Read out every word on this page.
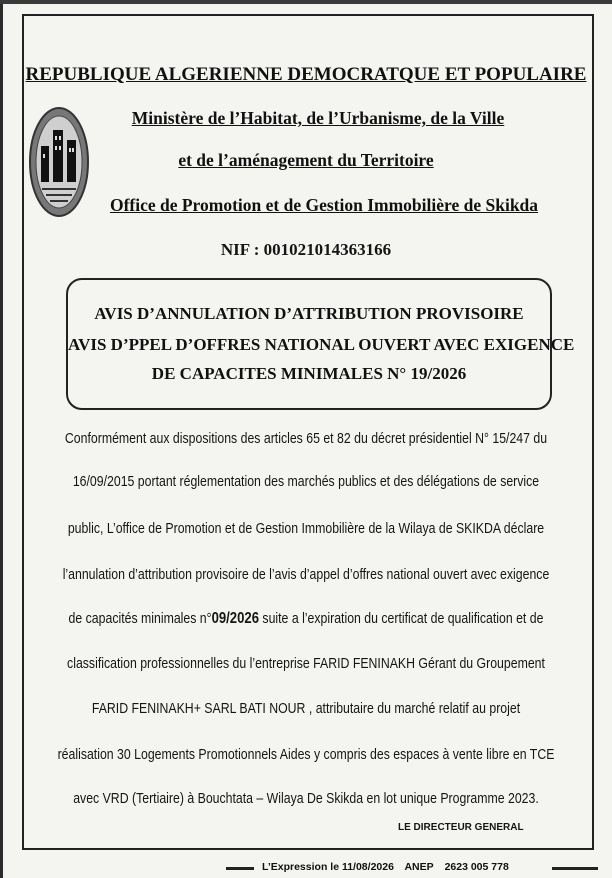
REPUBLIQUE ALGERIENNE DEMOCRATQUE ET POPULAIRE
Ministère de l’Habitat, de l’Urbanisme, de la Ville
et de l’aménagement du Territoire
Office de Promotion et de Gestion Immobilière de Skikda
NIF : 001021014363166
AVIS D’ANNULATION D’ATTRIBUTION PROVISOIRE
AVIS D’PPEL D’OFFRES NATIONAL OUVERT AVEC EXIGENCE
DE CAPACITES MINIMALES N° 19/2026
Conformément aux dispositions des articles 65 et 82 du décret présidentiel N° 15/247 du
16/09/2015 portant réglementation des marchés publics et des délégations de service
public, L’office de Promotion et de Gestion Immobilière de la Wilaya de SKIKDA déclare
l’annulation d’attribution provisoire de l’avis d’appel d’offres national ouvert avec exigence
de capacités minimales n°09/2026 suite a l’expiration du certificat de qualification et de
classification professionnelles du l’entreprise FARID FENINAKH Gérant du Groupement
FARID FENINAKH+ SARL BATI NOUR , attributaire du marché relatif au projet
réalisation 30 Logements Promotionnels Aides y compris des espaces à vente libre en TCE
avec VRD (Tertiaire) à Bouchtata – Wilaya De Skikda en lot unique Programme 2023.
LE DIRECTEUR GENERAL
L’Expression le 11/08/2026 ANEP 2623 005 778
